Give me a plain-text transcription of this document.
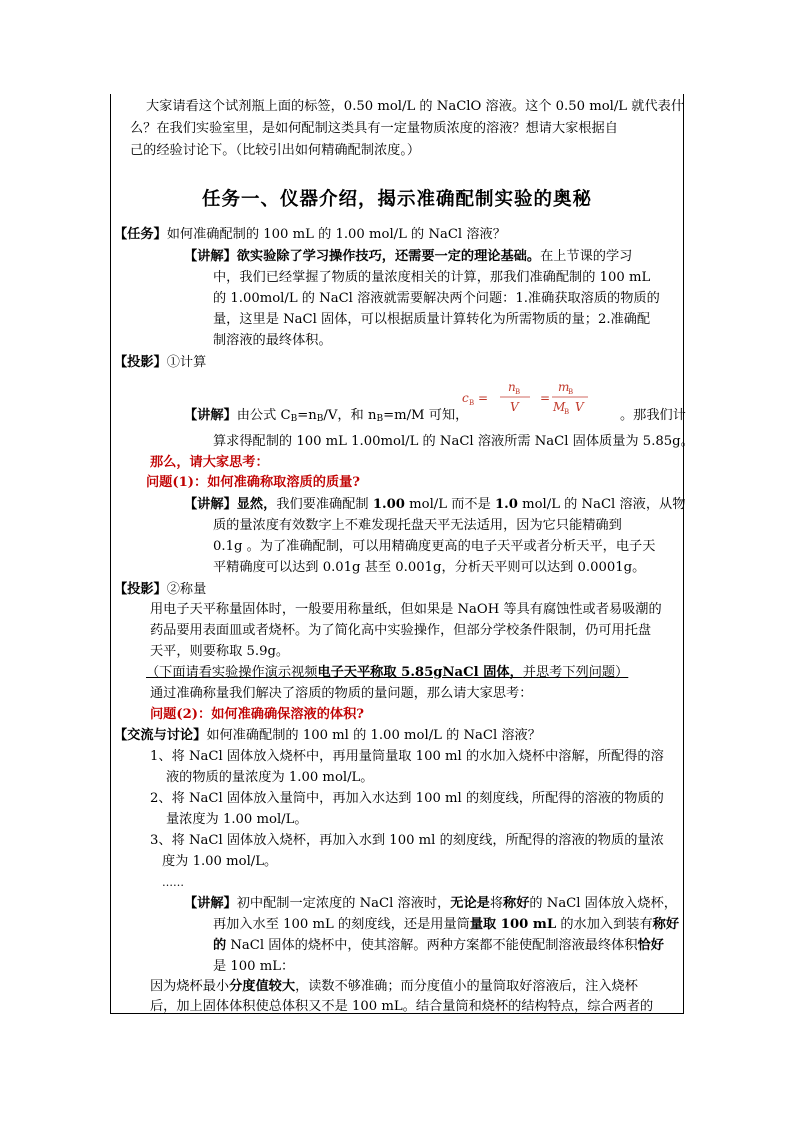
大家请看这个试剂瓶上面的标签，0.50 mol/L 的 NaClO 溶液。这个 0.50 mol/L 就代表什
么？在我们实验室里，是如何配制这类具有一定量物质浓度的溶液？想请大家根据自
己的经验讨论下。（比较引出如何精确配制浓度。）
任务一、仪器介绍，揭示准确配制实验的奥秘
【任务】如何准确配制的 100 mL 的 1.00 mol/L 的 NaCl 溶液？
【讲解】欲实验除了学习操作技巧，还需要一定的理论基础。在上节课的学习
中，我们已经掌握了物质的量浓度相关的计算，那我们准确配制的 100 mL
的 1.00mol/L 的 NaCl 溶液就需要解决两个问题：1.准确获取溶质的物质的
量，这里是 NaCl 固体，可以根据质量计算转化为所需物质的量；2.准确配
制溶液的最终体积。
【投影】①计算
c B =
n B
V
=
m
B
M
B V
【讲解】由公式 $C_B=n_B/V$，和 $n_B=m/M$ 可知，	。那我们计
算求得配制的 100 mL 1.00mol/L 的 NaCl 溶液所需 NaCl 固体质量为 5.85g。
那么，请大家思考：
问题(1)：如何准确称取溶质的质量?
【讲解】显然，我们要准确配制 1.00 mol/L 而不是 1.0 mol/L 的 NaCl 溶液，从物
质的量浓度有效数字上不难发现托盘天平无法适用，因为它只能精确到
0.1g 。为了准确配制，可以用精确度更高的电子天平或者分析天平，电子天
平精确度可以达到 0.01g 甚至 0.001g，分析天平则可以达到 0.0001g。
【投影】②称量
用电子天平称量固体时，一般要用称量纸，但如果是 NaOH 等具有腐蚀性或者易吸潮的
药品要用表面皿或者烧杯。为了简化高中实验操作，但部分学校条件限制，仍可用托盘
天平，则要称取 5.9g。
（下面请看实验操作演示视频电子天平称取 5.85gNaCl 固体，并思考下列问题）
通过准确称量我们解决了溶质的物质的量问题，那么请大家思考：
问题(2)：如何准确确保溶液的体积?
【交流与讨论】如何准确配制的 100 ml 的 1.00 mol/L 的 NaCl 溶液？
1、将 NaCl 固体放入烧杯中，再用量筒量取 100 ml 的水加入烧杯中溶解，所配得的溶
液的物质的量浓度为 1.00 mol/L。
2、将 NaCl 固体放入量筒中，再加入水达到 100 ml 的刻度线，所配得的溶液的物质的
量浓度为 1.00 mol/L。
3、将 NaCl 固体放入烧杯，再加入水到 100 ml 的刻度线，所配得的溶液的物质的量浓
度为 1.00 mol/L。
……
【讲解】初中配制一定浓度的 NaCl 溶液时，无论是将称好的 NaCl 固体放入烧杯，
再加入水至 100 mL 的刻度线，还是用量筒量取 100 mL 的水加入到装有称好
的 NaCl 固体的烧杯中，使其溶解。两种方案都不能使配制溶液最终体积恰好
是 100 mL：
因为烧杯最小分度值较大，读数不够准确；而分度值小的量筒取好溶液后，注入烧杯
后，加上固体体积使总体积又不是 100 mL。结合量筒和烧杯的结构特点，综合两者的
